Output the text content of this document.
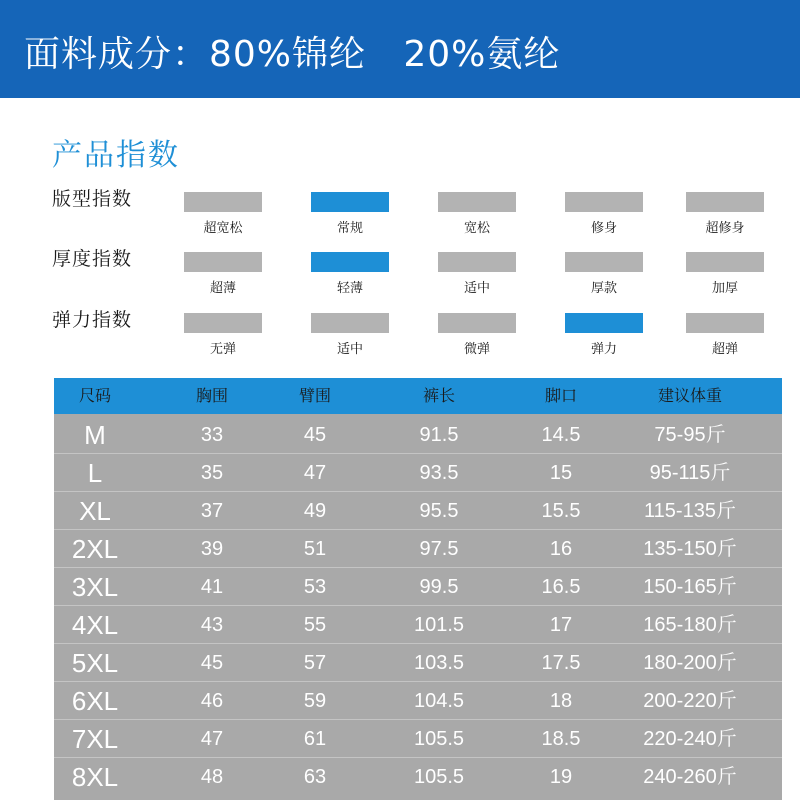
面料成分：80%锦纶   20%氨纶
产品指数
版型指数
超宽松	常规	宽松	修身	超修身
厚度指数
超薄	轻薄	适中	厚款	加厚
弹力指数
无弹	适中	微弹	弹力	超弹
尺码	胸围	臂围	裤长	脚口	建议体重
M	33	45	91.5	14.5	75-95斤
L	35	47	93.5	15	95-115斤
XL	37	49	95.5	15.5	115-135斤
2XL	39	51	97.5	16	135-150斤
3XL	41	53	99.5	16.5	150-165斤
4XL	43	55	101.5	17	165-180斤
5XL	45	57	103.5	17.5	180-200斤
6XL	46	59	104.5	18	200-220斤
7XL	47	61	105.5	18.5	220-240斤
8XL	48	63	105.5	19	240-260斤
